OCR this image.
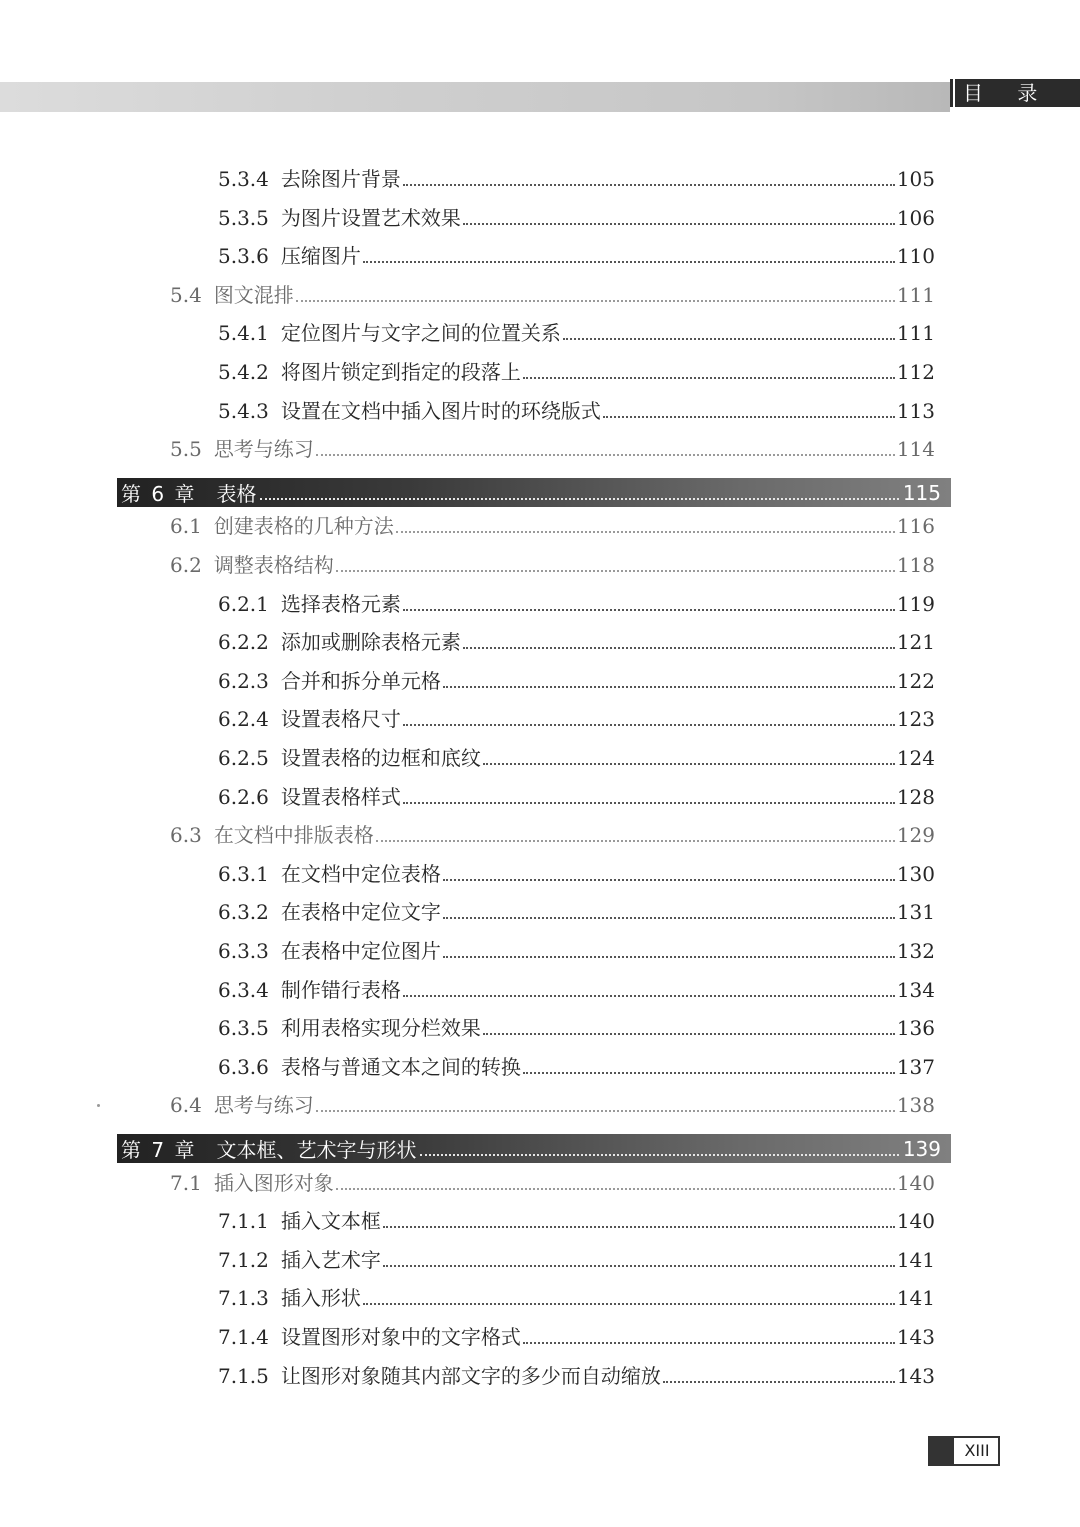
目 录
5.3.4 去除图片背景	105
5.3.5 为图片设置艺术效果	106
5.3.6 压缩图片	110
5.4 图文混排	111
5.4.1 定位图片与文字之间的位置关系	111
5.4.2 将图片锁定到指定的段落上	112
5.4.3 设置在文档中插入图片时的环绕版式	113
5.5 思考与练习	114
第 6 章 表格	115
6.1 创建表格的几种方法	116
6.2 调整表格结构	118
6.2.1 选择表格元素	119
6.2.2 添加或删除表格元素	121
6.2.3 合并和拆分单元格	122
6.2.4 设置表格尺寸	123
6.2.5 设置表格的边框和底纹	124
6.2.6 设置表格样式	128
6.3 在文档中排版表格	129
6.3.1 在文档中定位表格	130
6.3.2 在表格中定位文字	131
6.3.3 在表格中定位图片	132
6.3.4 制作错行表格	134
6.3.5 利用表格实现分栏效果	136
6.3.6 表格与普通文本之间的转换	137
6.4 思考与练习	138
第 7 章 文本框、艺术字与形状	139
7.1 插入图形对象	140
7.1.1 插入文本框	140
7.1.2 插入艺术字	141
7.1.3 插入形状	141
7.1.4 设置图形对象中的文字格式	143
7.1.5 让图形对象随其内部文字的多少而自动缩放	143
XIII
